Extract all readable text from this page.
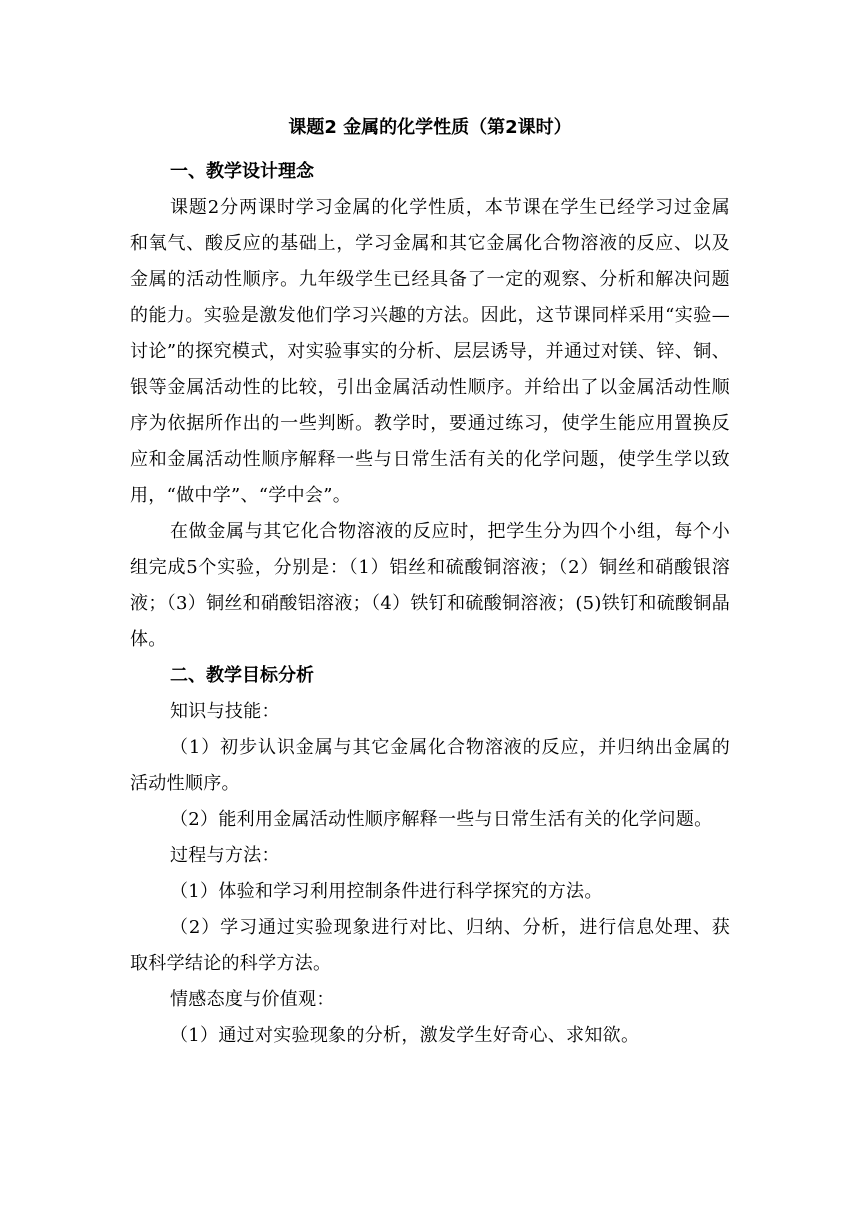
课题2 金属的化学性质（第2课时）
一、教学设计理念

课题2分两课时学习金属的化学性质，本节课在学生已经学习过金属和氧气、酸反应的基础上，学习金属和其它金属化合物溶液的反应、以及金属的活动性顺序。九年级学生已经具备了一定的观察、分析和解决问题的能力。实验是激发他们学习兴趣的方法。因此，这节课同样采用“实验—讨论”的探究模式，对实验事实的分析、层层诱导，并通过对镁、锌、铜、银等金属活动性的比较，引出金属活动性顺序。并给出了以金属活动性顺序为依据所作出的一些判断。教学时，要通过练习，使学生能应用置换反应和金属活动性顺序解释一些与日常生活有关的化学问题，使学生学以致用，“做中学”、“学中会”。

在做金属与其它化合物溶液的反应时，把学生分为四个小组，每个小组完成5个实验，分别是：（1）铝丝和硫酸铜溶液；（2）铜丝和硝酸银溶液；（3）铜丝和硝酸铝溶液；（4）铁钉和硫酸铜溶液；(5)铁钉和硫酸铜晶体。

二、教学目标分析

知识与技能：

（1）初步认识金属与其它金属化合物溶液的反应，并归纳出金属的活动性顺序。

（2）能利用金属活动性顺序解释一些与日常生活有关的化学问题。

过程与方法：

（1）体验和学习利用控制条件进行科学探究的方法。

（2）学习通过实验现象进行对比、归纳、分析，进行信息处理、获取科学结论的科学方法。

情感态度与价值观：

（1）通过对实验现象的分析，激发学生好奇心、求知欲。
